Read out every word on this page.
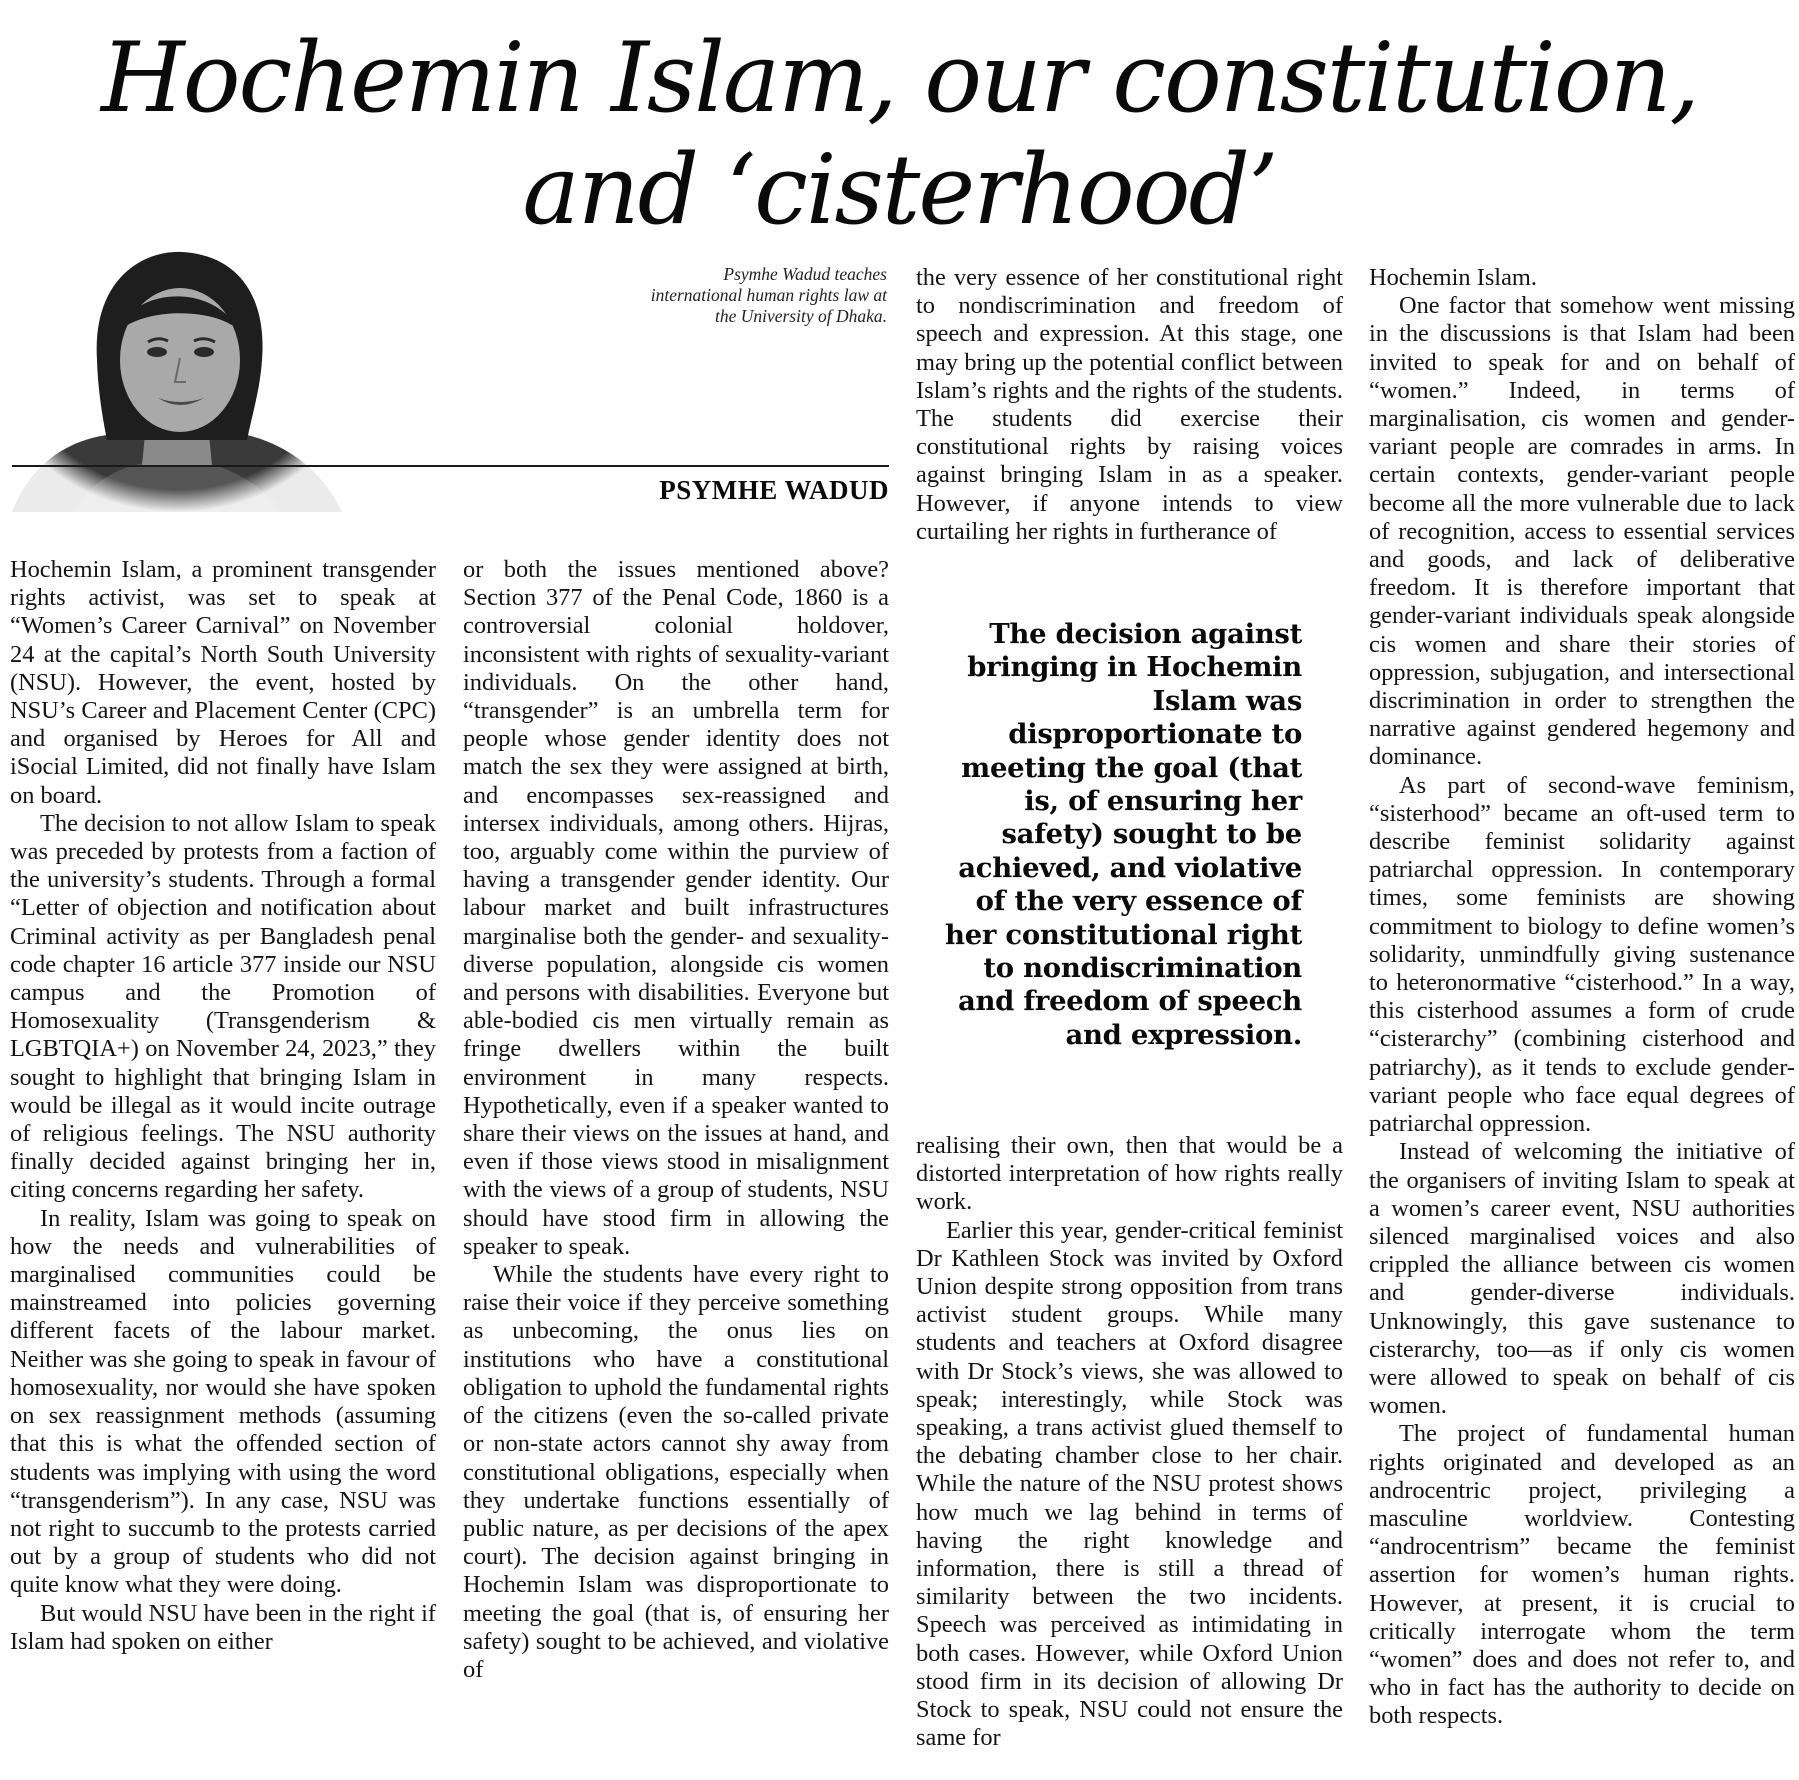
Hochemin Islam, our constitution,
and ‘cisterhood’

Psymhe Wadud teaches
international human rights law at
the University of Dhaka.

PSYMHE WADUD

Hochemin Islam, a prominent transgender rights activist, was set to speak at “Women’s Career Carnival” on November 24 at the capital’s North South University (NSU). However, the event, hosted by NSU’s Career and Placement Center (CPC) and organised by Heroes for All and iSocial Limited, did not finally have Islam on board.

The decision to not allow Islam to speak was preceded by protests from a faction of the university’s students. Through a formal “Letter of objection and notification about Criminal activity as per Bangladesh penal code chapter 16 article 377 inside our NSU campus and the Promotion of Homosexuality (Transgenderism & LGBTQIA+) on November 24, 2023,” they sought to highlight that bringing Islam in would be illegal as it would incite outrage of religious feelings. The NSU authority finally decided against bringing her in, citing concerns regarding her safety.

In reality, Islam was going to speak on how the needs and vulnerabilities of marginalised communities could be mainstreamed into policies governing different facets of the labour market. Neither was she going to speak in favour of homosexuality, nor would she have spoken on sex reassignment methods (assuming that this is what the offended section of students was implying with using the word “transgenderism”). In any case, NSU was not right to succumb to the protests carried out by a group of students who did not quite know what they were doing.

But would NSU have been in the right if Islam had spoken on either

or both the issues mentioned above? Section 377 of the Penal Code, 1860 is a controversial colonial holdover, inconsistent with rights of sexuality-variant individuals. On the other hand, “transgender” is an umbrella term for people whose gender identity does not match the sex they were assigned at birth, and encompasses sex-reassigned and intersex individuals, among others. Hijras, too, arguably come within the purview of having a transgender gender identity. Our labour market and built infrastructures marginalise both the gender- and sexuality-diverse population, alongside cis women and persons with disabilities. Everyone but able-bodied cis men virtually remain as fringe dwellers within the built environment in many respects. Hypothetically, even if a speaker wanted to share their views on the issues at hand, and even if those views stood in misalignment with the views of a group of students, NSU should have stood firm in allowing the speaker to speak.

While the students have every right to raise their voice if they perceive something as unbecoming, the onus lies on institutions who have a constitutional obligation to uphold the fundamental rights of the citizens (even the so-called private or non-state actors cannot shy away from constitutional obligations, especially when they undertake functions essentially of public nature, as per decisions of the apex court). The decision against bringing in Hochemin Islam was disproportionate to meeting the goal (that is, of ensuring her safety) sought to be achieved, and violative of

the very essence of her constitutional right to nondiscrimination and freedom of speech and expression. At this stage, one may bring up the potential conflict between Islam’s rights and the rights of the students. The students did exercise their constitutional rights by raising voices against bringing Islam in as a speaker. However, if anyone intends to view curtailing her rights in furtherance of

The decision against bringing in Hochemin Islam was disproportionate to meeting the goal (that is, of ensuring her safety) sought to be achieved, and violative of the very essence of her constitutional right to nondiscrimination and freedom of speech and expression.

realising their own, then that would be a distorted interpretation of how rights really work.

Earlier this year, gender-critical feminist Dr Kathleen Stock was invited by Oxford Union despite strong opposition from trans activist student groups. While many students and teachers at Oxford disagree with Dr Stock’s views, she was allowed to speak; interestingly, while Stock was speaking, a trans activist glued themself to the debating chamber close to her chair. While the nature of the NSU protest shows how much we lag behind in terms of having the right knowledge and information, there is still a thread of similarity between the two incidents. Speech was perceived as intimidating in both cases. However, while Oxford Union stood firm in its decision of allowing Dr Stock to speak, NSU could not ensure the same for

Hochemin Islam.

One factor that somehow went missing in the discussions is that Islam had been invited to speak for and on behalf of “women.” Indeed, in terms of marginalisation, cis women and gender-variant people are comrades in arms. In certain contexts, gender-variant people become all the more vulnerable due to lack of recognition, access to essential services and goods, and lack of deliberative freedom. It is therefore important that gender-variant individuals speak alongside cis women and share their stories of oppression, subjugation, and intersectional discrimination in order to strengthen the narrative against gendered hegemony and dominance.

As part of second-wave feminism, “sisterhood” became an oft-used term to describe feminist solidarity against patriarchal oppression. In contemporary times, some feminists are showing commitment to biology to define women’s solidarity, unmindfully giving sustenance to heteronormative “cisterhood.” In a way, this cisterhood assumes a form of crude “cisterarchy” (combining cisterhood and patriarchy), as it tends to exclude gender-variant people who face equal degrees of patriarchal oppression.

Instead of welcoming the initiative of the organisers of inviting Islam to speak at a women’s career event, NSU authorities silenced marginalised voices and also crippled the alliance between cis women and gender-diverse individuals. Unknowingly, this gave sustenance to cisterarchy, too—as if only cis women were allowed to speak on behalf of cis women.

The project of fundamental human rights originated and developed as an androcentric project, privileging a masculine worldview. Contesting “androcentrism” became the feminist assertion for women’s human rights. However, at present, it is crucial to critically interrogate whom the term “women” does and does not refer to, and who in fact has the authority to decide on both respects.
